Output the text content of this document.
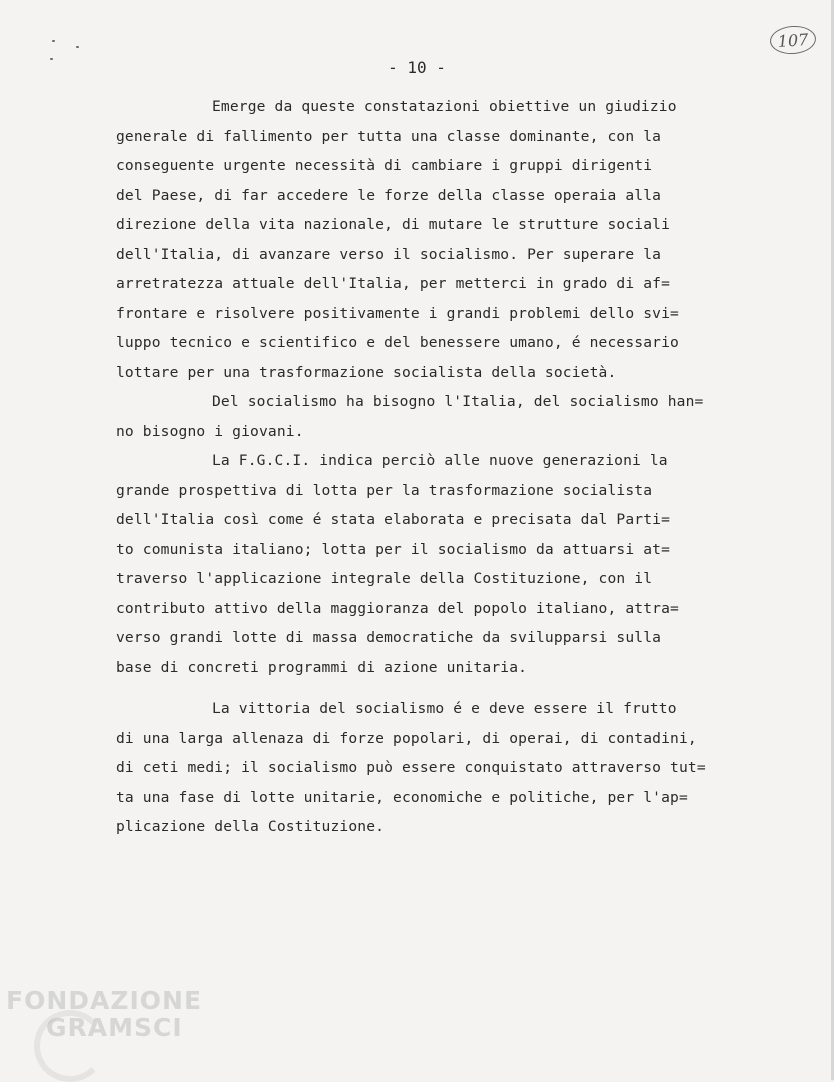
107
- 10 -
Emerge da queste constatazioni obiettive un giudizio
generale di fallimento per tutta una classe dominante, con la
conseguente urgente necessità di cambiare i gruppi dirigenti
del Paese, di far accedere le forze della classe operaia alla
direzione della vita nazionale, di mutare le strutture sociali
dell'Italia, di avanzare verso il socialismo. Per superare la
arretratezza attuale dell'Italia, per metterci in grado di af=
frontare e risolvere positivamente i grandi problemi dello svi=
luppo tecnico e scientifico e del benessere umano, é necessario
lottare per una trasformazione socialista della società.
Del socialismo ha bisogno l'Italia, del socialismo han=
no bisogno i giovani.
La F.G.C.I. indica perciò alle nuove generazioni la
grande prospettiva di lotta per la trasformazione socialista
dell'Italia così come é stata elaborata e precisata dal Parti=
to comunista italiano; lotta per il socialismo da attuarsi at=
traverso l'applicazione integrale della Costituzione, con il
contributo attivo della maggioranza del popolo italiano, attra=
verso grandi lotte di massa democratiche da svilupparsi sulla
base di concreti programmi di azione unitaria.
La vittoria del socialismo é e deve essere il frutto
di una larga allenaza di forze popolari, di operai, di contadini,
di ceti medi; il socialismo può essere conquistato attraverso tut=
ta una fase di lotte unitarie, economiche e politiche, per l'ap=
plicazione della Costituzione.
FONDAZIONE
GRAMSCI
